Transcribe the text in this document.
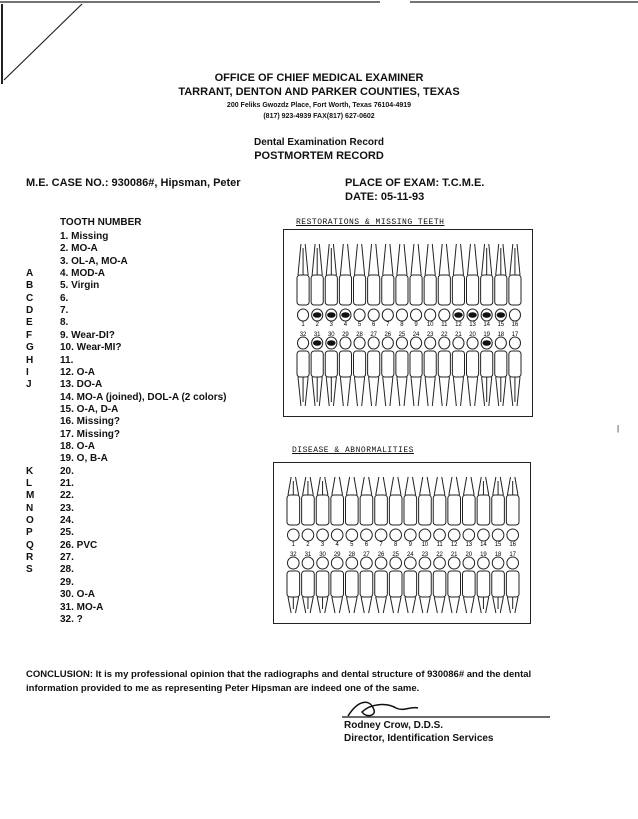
OFFICE OF CHIEF MEDICAL EXAMINER
TARRANT, DENTON AND PARKER COUNTIES, TEXAS
200 Feliks Gwozdz Place, Fort Worth, Texas 76104-4919
(817) 923-4939 FAX(817) 627-0602
Dental Examination Record
POSTMORTEM RECORD
M.E. CASE NO.: 930086#, Hipsman, Peter	PLACE OF EXAM: T.C.M.E.
DATE: 05-11-93
TOOTH NUMBER
1. Missing
2. MO-A
3. OL-A, MO-A
4. MOD-A
5. Virgin
6.
7.
8.
9. Wear-DI?
10. Wear-MI?
11.
12. O-A
13. DO-A
14. MO-A (joined), DOL-A (2 colors)
15. O-A, D-A
16. Missing?
17. Missing?
18. O-A
19. O, B-A
20.
21.
22.
23.
24.
25.
26. PVC
27.
28.
29.
30. O-A
31. MO-A
32. ?
A
B
C
D
E
F
G
H
I
J
K
L
M
N
O
P
Q
R
S
RESTORATIONS & MISSING TEETH
DISEASE & ABNORMALITIES
1 2 3 4 5 6 7 8 9 10 11 12 13 14 15 16
32 31 30 29 28 27 26 25 24 23 22 21 20 19 18 17
1 2 3 4 5 6 7 8 9 10 11 12 13 14 15 16
32 31 30 29 28 27 26 25 24 23 22 21 20 19 18 17
|
CONCLUSION: It is my professional opinion that the radiographs and dental structure of 930086# and the dental information provided to me as representing Peter Hipsman are indeed one of the same.
Rodney Crow, D.D.S.
Director, Identification Services
